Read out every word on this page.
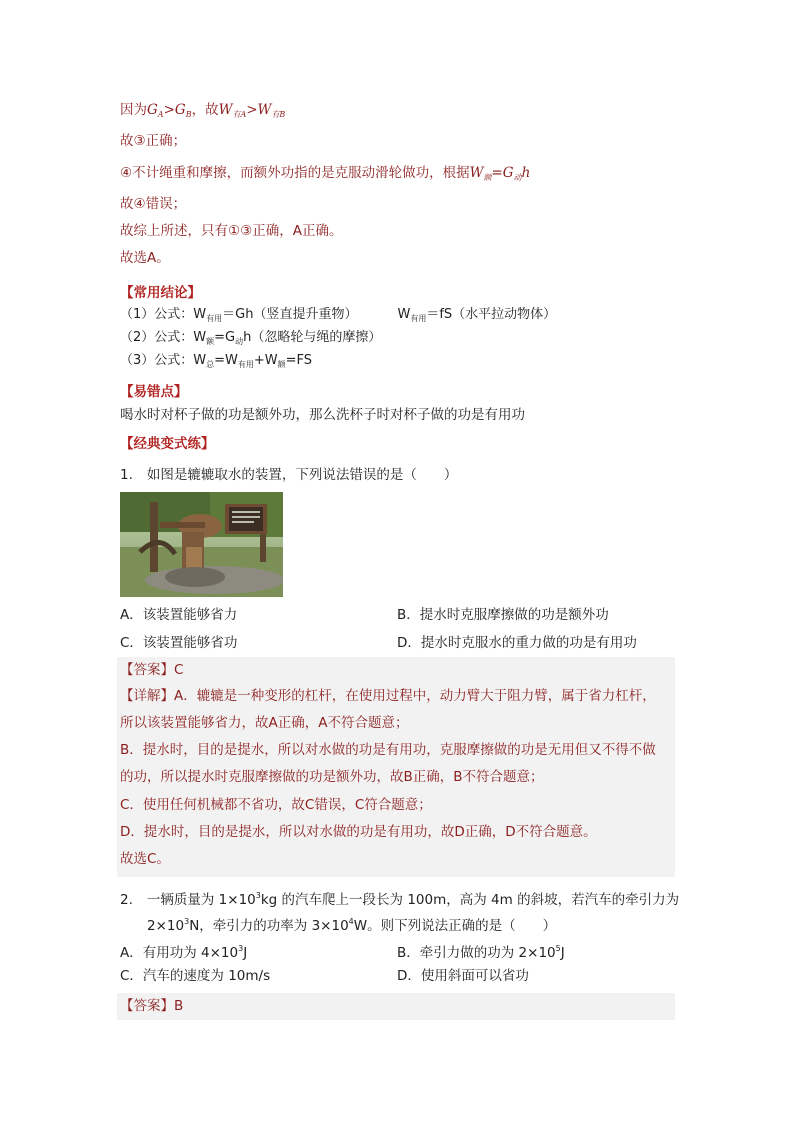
因为$G_A>G_B$，故$W_{有A}>W_{有B}$
故③正确；
④不计绳重和摩擦，而额外功指的是克服动滑轮做功，根据$W_额=G_动h$
故④错误；
故综上所述，只有①③正确，A正确。
故选A。
【常用结论】
（1）公式：$W_{有用}=Gh$（竖直提升重物）	$W_{有用}=fS$（水平拉动物体）
（2）公式：$W_额=G_动h$（忽略轮与绳的摩擦）
（3）公式：$W_总=W_{有用}+W_额=FS$
【易错点】
喝水时对杯子做的功是额外功，那么洗杯子时对杯子做的功是有用功
【经典变式练】
1. 如图是辘辘取水的装置，下列说法错误的是（　　）
A．该装置能够省力	B．提水时克服摩擦做的功是额外功
C．该装置能够省功	D．提水时克服水的重力做的功是有用功
【答案】C
【详解】A．辘辘是一种变形的杠杆，在使用过程中，动力臂大于阻力臂，属于省力杠杆，
所以该装置能够省力，故A正确，A不符合题意；
B．提水时，目的是提水，所以对水做的功是有用功，克服摩擦做的功是无用但又不得不做
的功，所以提水时克服摩擦做的功是额外功，故B正确，B不符合题意；
C．使用任何机械都不省功，故C错误，C符合题意；
D．提水时，目的是提水，所以对水做的功是有用功，故D正确，D不符合题意。
故选C。
2. 一辆质量为 $1\times 10^3kg$ 的汽车爬上一段长为 100m，高为 4m 的斜坡，若汽车的牵引力为
$2\times 10^3N$，牵引力的功率为 $3\times 10^4W$。则下列说法正确的是（　　）
A．有用功为 $4\times 10^3J$	B．牵引力做的功为 $2\times 10^5J$
C．汽车的速度为 10m/s	D．使用斜面可以省功
【答案】B
